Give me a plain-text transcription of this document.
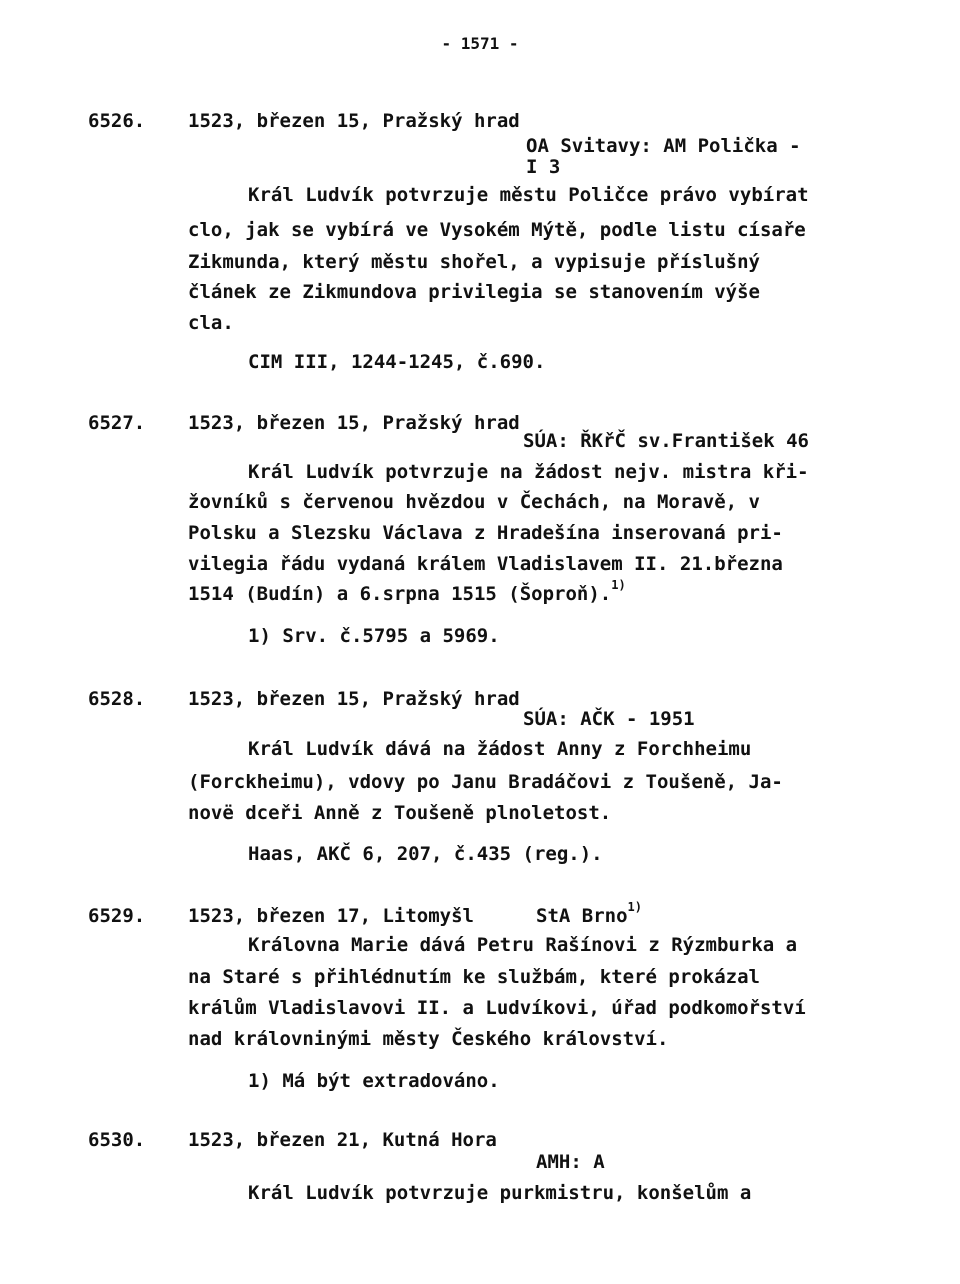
- 1571 -
6526. 1523, březen 15, Pražský hrad
OA Svitavy: AM Polička -
I 3
Král Ludvík potvrzuje městu Poličce právo vybírat
clo, jak se vybírá ve Vysokém Mýtě, podle listu císaře
Zikmunda, který městu shořel, a vypisuje příslušný
článek ze Zikmundova privilegia se stanovením výše
cla.
CIM III, 1244-1245, č.690.
6527. 1523, březen 15, Pražský hrad
SÚA: ŘKřČ sv.František 46
Král Ludvík potvrzuje na žádost nejv. mistra kři-
žovníků s červenou hvězdou v Čechách, na Moravě, v
Polsku a Slezsku Václava z Hradešína inserovaná pri-
vilegia řádu vydaná králem Vladislavem II. 21.března
1514 (Budín) a 6.srpna 1515 (Šoproň).$^{1)}$
1) Srv. č.5795 a 5969.
6528. 1523, březen 15, Pražský hrad
SÚA: AČK - 1951
Král Ludvík dává na žádost Anny z Forchheimu
(Forckheimu), vdovy po Janu Bradáčovi z Toušeně, Ja-
novë dceři Anně z Toušeně plnoletost.
Haas, AKČ 6, 207, č.435 (reg.).
6529. 1523, březen 17, Litomyšl	StA Brno$^{1)}$
Královna Marie dává Petru Rašínovi z Rýzmburka a
na Staré s přihlédnutím ke službám, které prokázal
králům Vladislavovi II. a Ludvíkovi, úřad podkomořství
nad královninými městy Českého království.
1) Má být extradováno.
6530. 1523, březen 21, Kutná Hora
AMH: A
Král Ludvík potvrzuje purkmistru, konšelům a
